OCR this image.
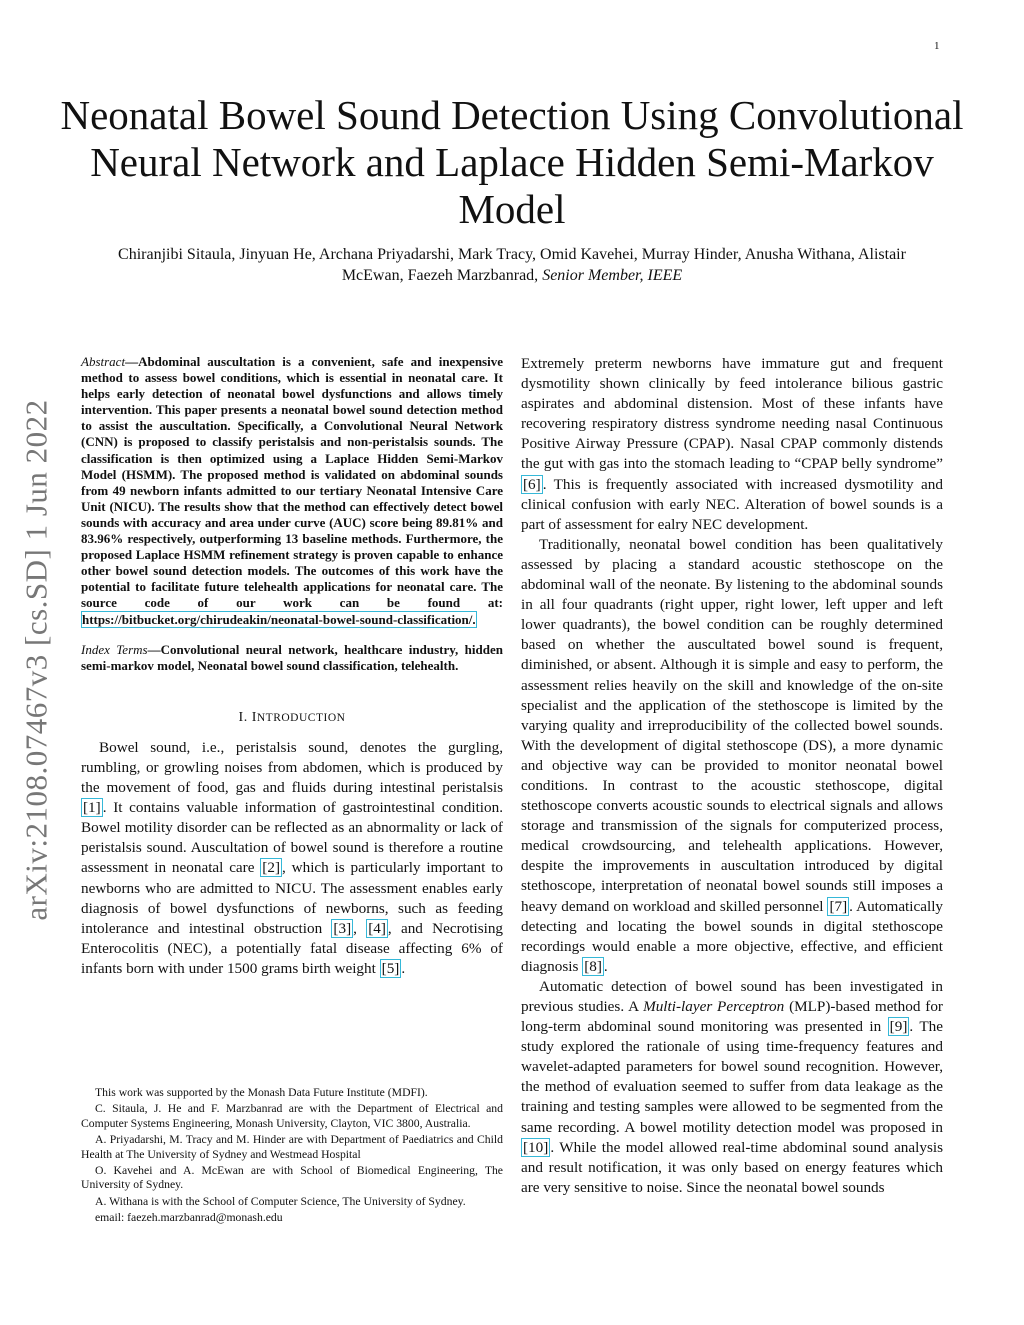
1
arXiv:2108.07467v3 [cs.SD] 1 Jun 2022
Neonatal Bowel Sound Detection Using Convolutional Neural Network and Laplace Hidden Semi-Markov Model
Chiranjibi Sitaula, Jinyuan He, Archana Priyadarshi, Mark Tracy, Omid Kavehei, Murray Hinder, Anusha Withana, Alistair McEwan, Faezeh Marzbanrad, Senior Member, IEEE

Abstract—Abdominal auscultation is a convenient, safe and inexpensive method to assess bowel conditions, which is essential in neonatal care. It helps early detection of neonatal bowel dysfunctions and allows timely intervention. This paper presents a neonatal bowel sound detection method to assist the auscultation. Specifically, a Convolutional Neural Network (CNN) is proposed to classify peristalsis and non-peristalsis sounds. The classification is then optimized using a Laplace Hidden Semi-Markov Model (HSMM). The proposed method is validated on abdominal sounds from 49 newborn infants admitted to our tertiary Neonatal Intensive Care Unit (NICU). The results show that the method can effectively detect bowel sounds with accuracy and area under curve (AUC) score being 89.81% and 83.96% respectively, outperforming 13 baseline methods. Furthermore, the proposed Laplace HSMM refinement strategy is proven capable to enhance other bowel sound detection models. The outcomes of this work have the potential to facilitate future telehealth applications for neonatal care. The source code of our work can be found at: https://bitbucket.org/chirudeakin/neonatal-bowel-sound-classification/.

Index Terms—Convolutional neural network, healthcare industry, hidden semi-markov model, Neonatal bowel sound classification, telehealth.

I. INTRODUCTION

Bowel sound, i.e., peristalsis sound, denotes the gurgling, rumbling, or growling noises from abdomen, which is produced by the movement of food, gas and fluids during intestinal peristalsis [1] . It contains valuable information of gastrointestinal condition. Bowel motility disorder can be reflected as an abnormality or lack of peristalsis sound. Auscultation of bowel sound is therefore a routine assessment in neonatal care [2] , which is particularly important to newborns who are admitted to NICU. The assessment enables early diagnosis of bowel dysfunctions of newborns, such as feeding intolerance and intestinal obstruction [3] , [4] , and Necrotising Enterocolitis (NEC), a potentially fatal disease affecting 6% of infants born with under 1500 grams birth weight [5] .

This work was supported by the Monash Data Future Institute (MDFI).

C. Sitaula, J. He and F. Marzbanrad are with the Department of Electrical and Computer Systems Engineering, Monash University, Clayton, VIC 3800, Australia.

A. Priyadarshi, M. Tracy and M. Hinder are with Department of Paediatrics and Child Health at The University of Sydney and Westmead Hospital

O. Kavehei and A. McEwan are with School of Biomedical Engineering, The University of Sydney.

A. Withana is with the School of Computer Science, The University of Sydney.

email: faezeh.marzbanrad@monash.edu

Extremely preterm newborns have immature gut and frequent dysmotility shown clinically by feed intolerance bilious gastric aspirates and abdominal distension. Most of these infants have recovering respiratory distress syndrome needing nasal Continuous Positive Airway Pressure (CPAP). Nasal CPAP commonly distends the gut with gas into the stomach leading to “CPAP belly syndrome” [6] . This is frequently associated with increased dysmotility and clinical confusion with early NEC. Alteration of bowel sounds is a part of assessment for ealry NEC development.

Traditionally, neonatal bowel condition has been qualitatively assessed by placing a standard acoustic stethoscope on the abdominal wall of the neonate. By listening to the abdominal sounds in all four quadrants (right upper, right lower, left upper and left lower quadrants), the bowel condition can be roughly determined based on whether the auscultated bowel sound is frequent, diminished, or absent. Although it is simple and easy to perform, the assessment relies heavily on the skill and knowledge of the on-site specialist and the application of the stethoscope is limited by the varying quality and irreproducibility of the collected bowel sounds. With the development of digital stethoscope (DS), a more dynamic and objective way can be provided to monitor neonatal bowel conditions. In contrast to the acoustic stethoscope, digital stethoscope converts acoustic sounds to electrical signals and allows storage and transmission of the signals for computerized process, medical crowdsourcing, and telehealth applications. However, despite the improvements in auscultation introduced by digital stethoscope, interpretation of neonatal bowel sounds still imposes a heavy demand on workload and skilled personnel [7] . Automatically detecting and locating the bowel sounds in digital stethoscope recordings would enable a more objective, effective, and efficient diagnosis [8] .

Automatic detection of bowel sound has been investigated in previous studies. A Multi-layer Perceptron (MLP)-based method for long-term abdominal sound monitoring was presented in [9] . The study explored the rationale of using time-frequency features and wavelet-adapted parameters for bowel sound recognition. However, the method of evaluation seemed to suffer from data leakage as the training and testing samples were allowed to be segmented from the same recording. A bowel motility detection model was proposed in [10] . While the model allowed real-time abdominal sound analysis and result notification, it was only based on energy features which are very sensitive to noise. Since the neonatal bowel sounds
